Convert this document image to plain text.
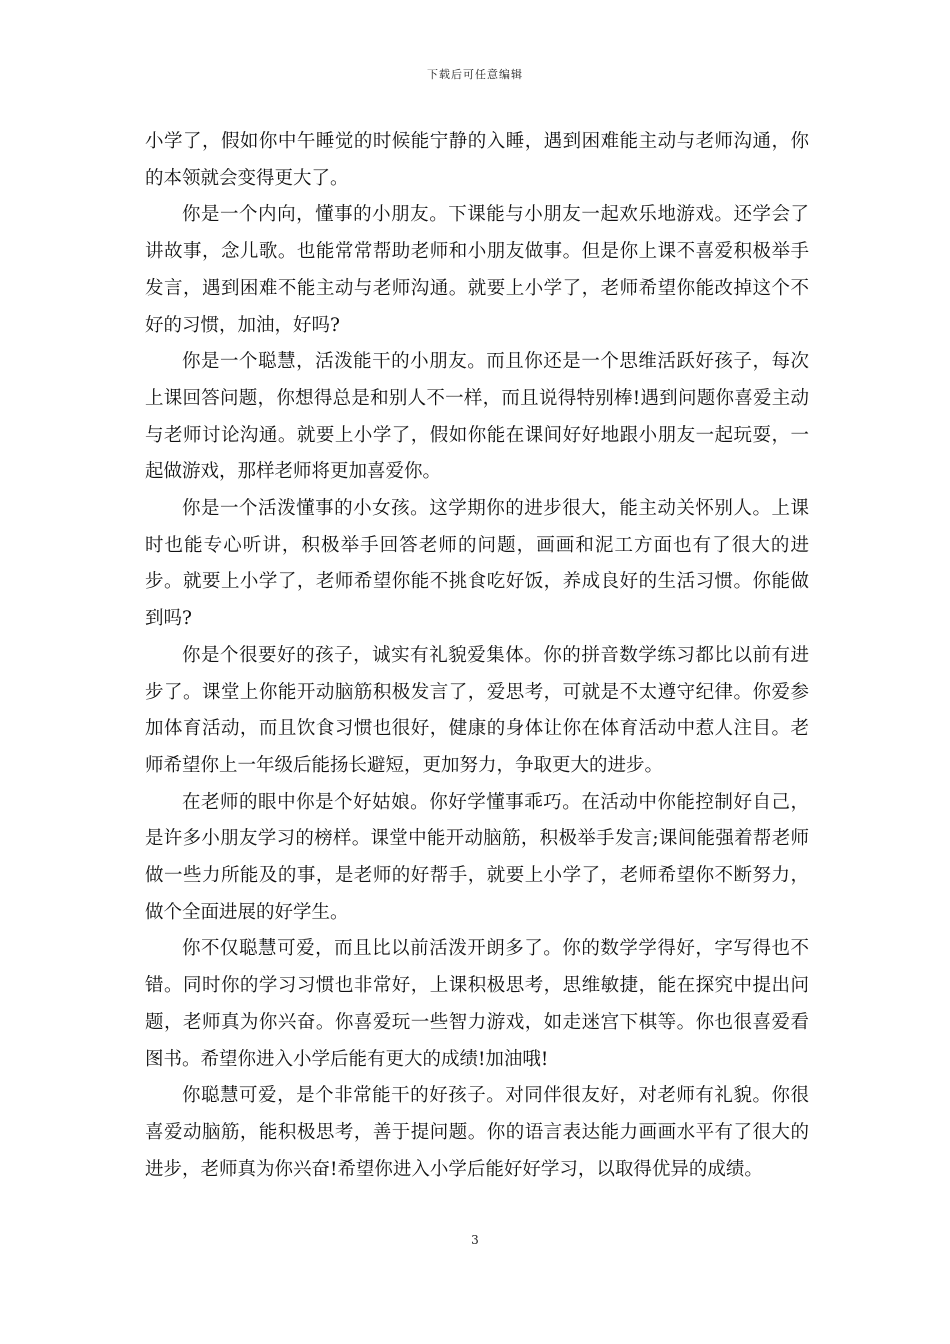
下载后可任意编辑

小学了，假如你中午睡觉的时候能宁静的入睡，遇到困难能主动与老师沟通，你的本领就会变得更大了。

你是一个内向，懂事的小朋友。下课能与小朋友一起欢乐地游戏。还学会了讲故事，念儿歌。也能常常帮助老师和小朋友做事。但是你上课不喜爱积极举手发言，遇到困难不能主动与老师沟通。就要上小学了，老师希望你能改掉这个不好的习惯，加油，好吗?

你是一个聪慧，活泼能干的小朋友。而且你还是一个思维活跃好孩子，每次上课回答问题，你想得总是和别人不一样，而且说得特别棒!遇到问题你喜爱主动与老师讨论沟通。就要上小学了，假如你能在课间好好地跟小朋友一起玩耍，一起做游戏，那样老师将更加喜爱你。

你是一个活泼懂事的小女孩。这学期你的进步很大，能主动关怀别人。上课时也能专心听讲，积极举手回答老师的问题，画画和泥工方面也有了很大的进步。就要上小学了，老师希望你能不挑食吃好饭，养成良好的生活习惯。你能做到吗?

你是个很要好的孩子，诚实有礼貌爱集体。你的拼音数学练习都比以前有进步了。课堂上你能开动脑筋积极发言了，爱思考，可就是不太遵守纪律。你爱参加体育活动，而且饮食习惯也很好，健康的身体让你在体育活动中惹人注目。老师希望你上一年级后能扬长避短，更加努力，争取更大的进步。

在老师的眼中你是个好姑娘。你好学懂事乖巧。在活动中你能控制好自己，是许多小朋友学习的榜样。课堂中能开动脑筋，积极举手发言;课间能强着帮老师做一些力所能及的事，是老师的好帮手，就要上小学了，老师希望你不断努力，做个全面进展的好学生。

你不仅聪慧可爱，而且比以前活泼开朗多了。你的数学学得好，字写得也不错。同时你的学习习惯也非常好，上课积极思考，思维敏捷，能在探究中提出问题，老师真为你兴奋。你喜爱玩一些智力游戏，如走迷宫下棋等。你也很喜爱看图书。希望你进入小学后能有更大的成绩!加油哦!

你聪慧可爱，是个非常能干的好孩子。对同伴很友好，对老师有礼貌。你很喜爱动脑筋，能积极思考，善于提问题。你的语言表达能力画画水平有了很大的进步，老师真为你兴奋!希望你进入小学后能好好学习，以取得优异的成绩。

3
